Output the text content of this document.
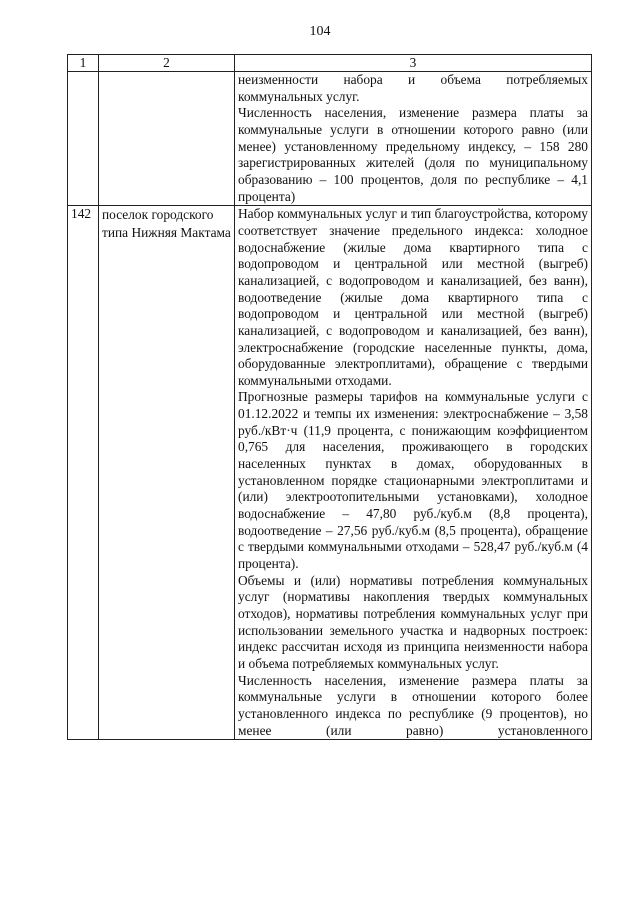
104
1	2	3

		неизменности набора и объема потребляемых коммунальных услуг.

Численность населения, изменение размера платы за коммунальные услуги в отношении которого равно (или менее) установленному предельному индексу, – 158 280 зарегистрированных жителей (доля по муниципальному образованию – 100 процентов, доля по республике – 4,1 процента)

142	поселок городского типа Нижняя Мактама	Набор коммунальных услуг и тип благоустройства, которому соответствует значение предельного индекса: холодное водоснабжение (жилые дома квартирного типа с водопроводом и центральной или местной (выгреб) канализацией, с водопроводом и канализацией, без ванн), водоотведение (жилые дома квартирного типа с водопроводом и центральной или местной (выгреб) канализацией, с водопроводом и канализацией, без ванн), электроснабжение (городские населенные пункты, дома, оборудованные электроплитами), обращение с твердыми коммунальными отходами.

Прогнозные размеры тарифов на коммунальные услуги с 01.12.2022 и темпы их изменения: электроснабжение – 3,58 руб./кВт·ч (11,9 процента, с понижающим коэффициентом 0,765 для населения, проживающего в городских населенных пунктах в домах, оборудованных в установленном порядке стационарными электроплитами и (или) электроотопительными установками), холодное водоснабжение – 47,80 руб./куб.м (8,8 процента), водоотведение – 27,56 руб./куб.м (8,5 процента), обращение с твердыми коммунальными отходами – 528,47 руб./куб.м (4 процента).

Объемы и (или) нормативы потребления коммунальных услуг (нормативы накопления твердых коммунальных отходов), нормативы потребления коммунальных услуг при использовании земельного участка и надворных построек: индекс рассчитан исходя из принципа неизменности набора и объема потребляемых коммунальных услуг.

Численность населения, изменение размера платы за коммунальные услуги в отношении которого более установленного индекса по республике (9 процентов), но менее (или равно) установленного
